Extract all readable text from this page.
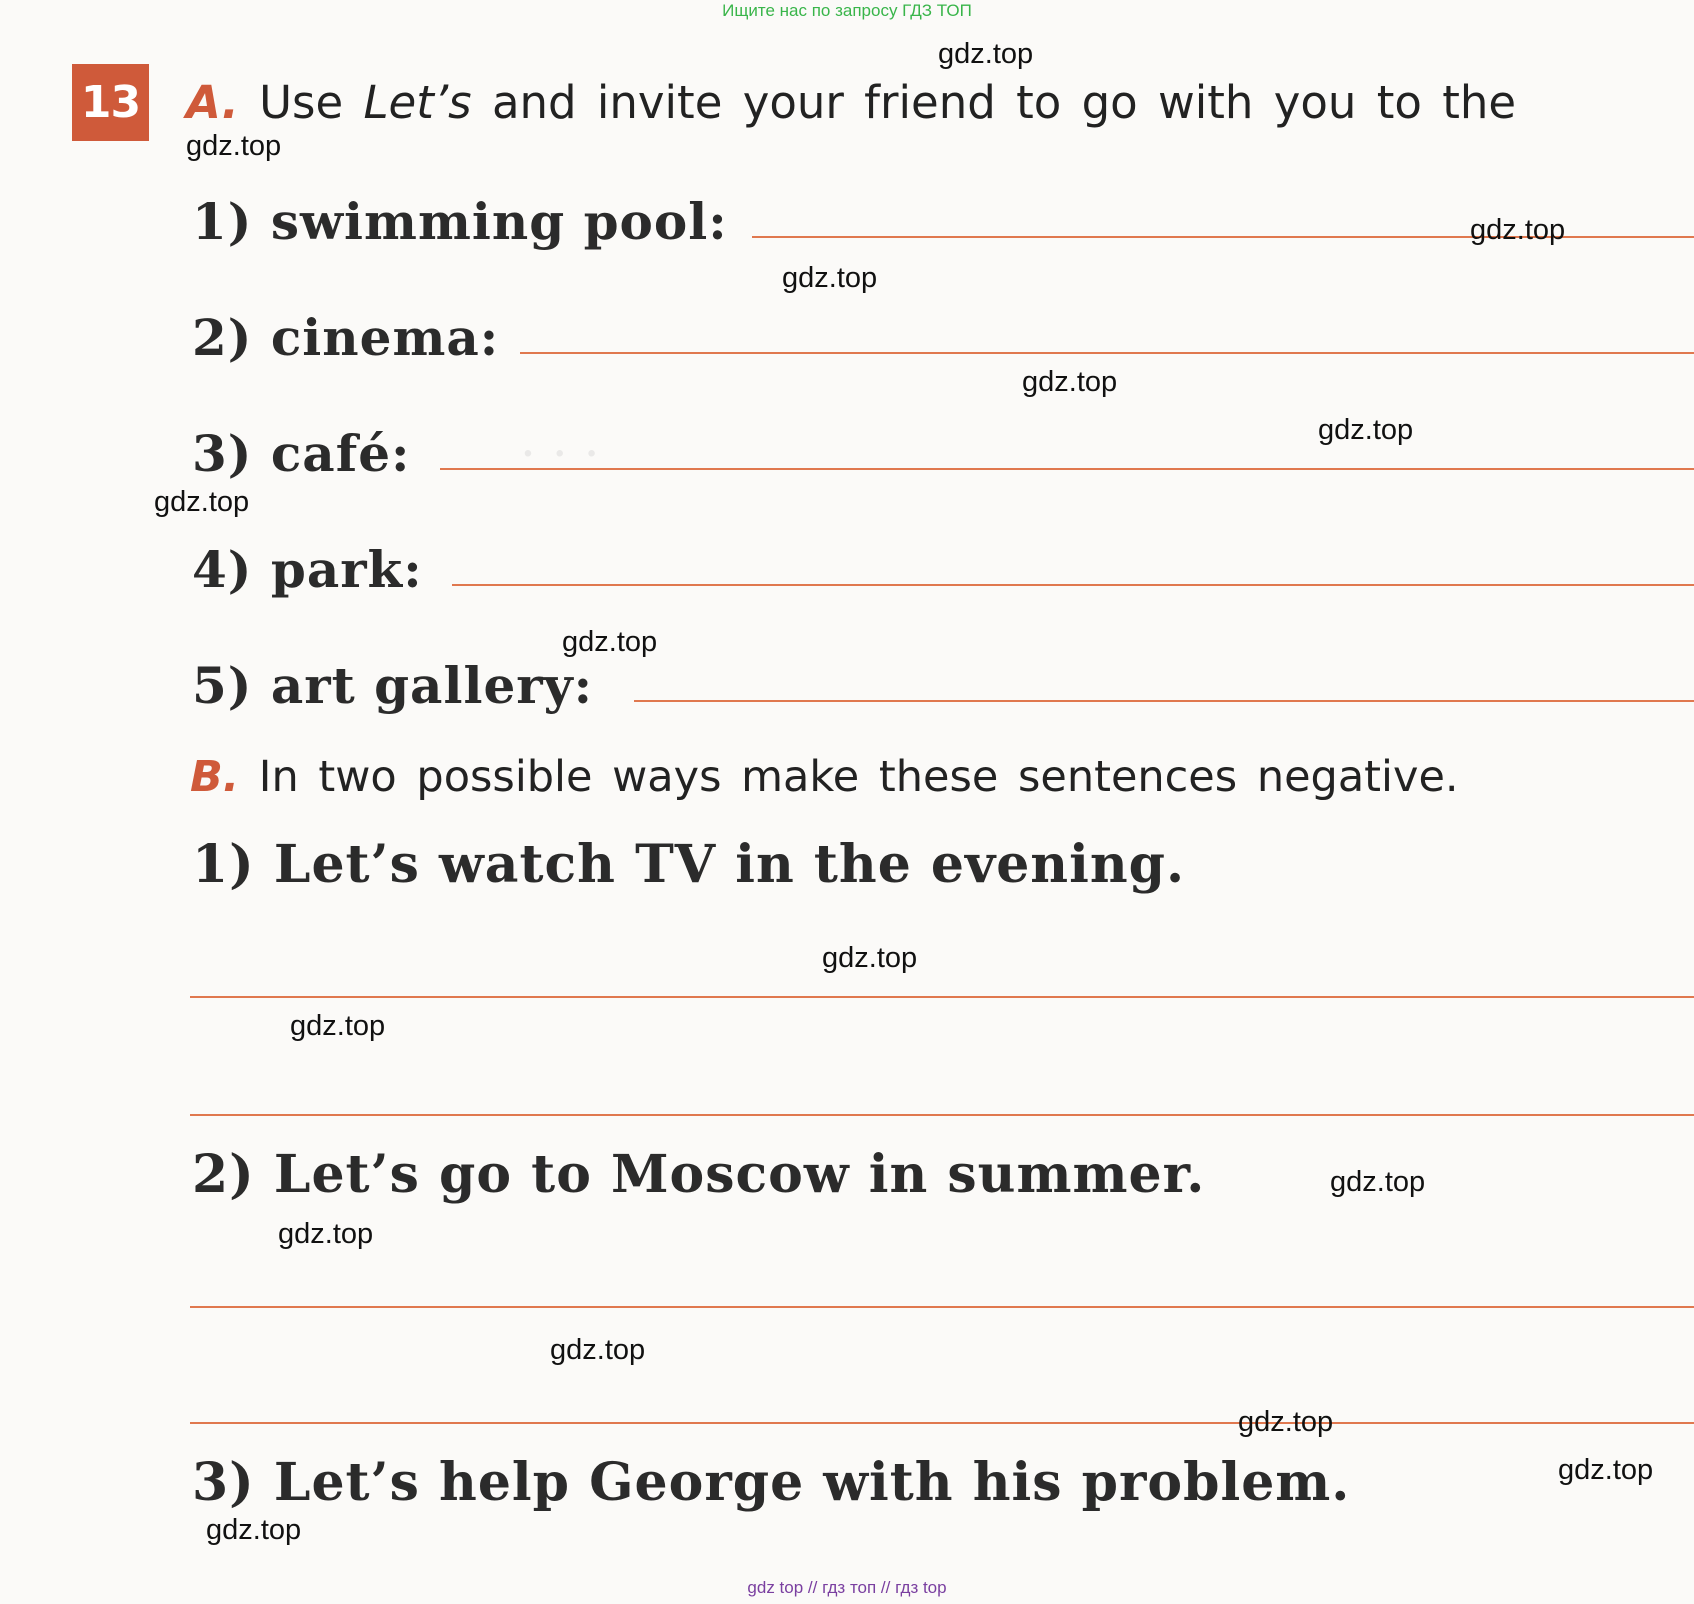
. . .
Ищите нас по запросу ГДЗ ТОП
13 A. Use Let’s and invite your friend to go with you to the
1) swimming pool:
2) cinema:
3) café:
4) park:
5) art gallery:
B. In two possible ways make these sentences negative.
1) Let’s watch TV in the evening.
2) Let’s go to Moscow in summer.
3) Let’s help George with his problem.
gdz.top
gdz.top
gdz.top
gdz.top
gdz.top
gdz.top
gdz.top
gdz.top
gdz.top
gdz.top
gdz.top
gdz.top
gdz.top
gdz.top
gdz.top
gdz.top
gdz top // гдз топ // гдз top
